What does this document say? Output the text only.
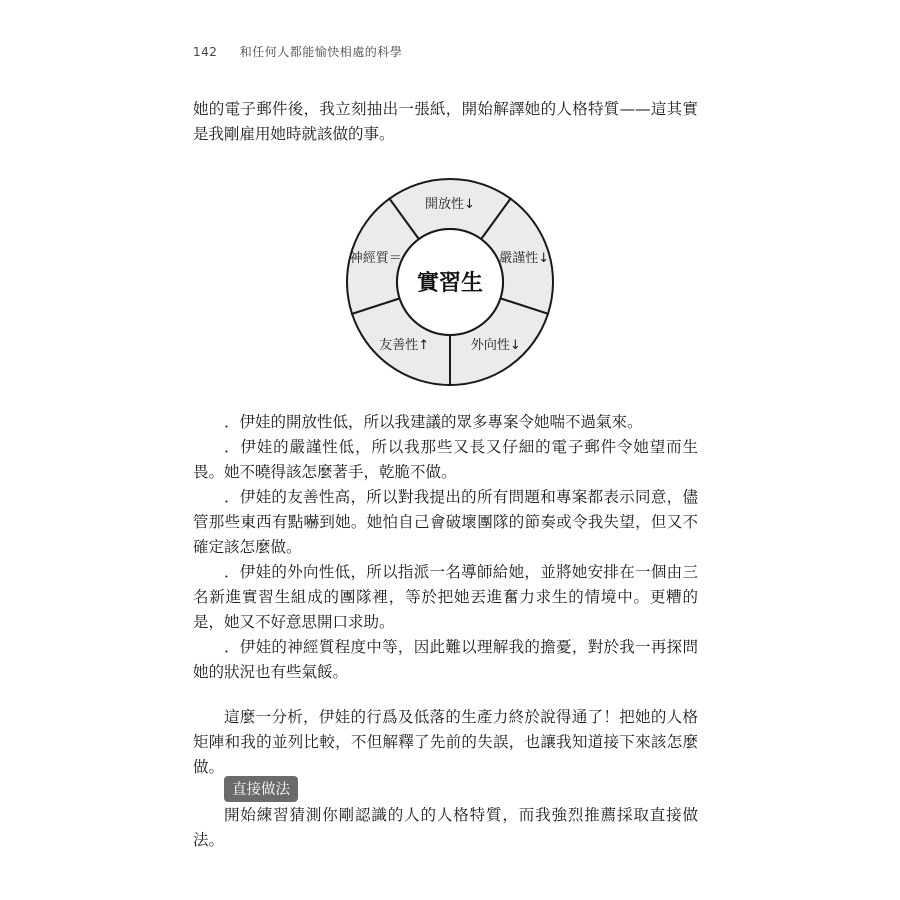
142 和任何人都能愉快相處的科學

她的電子郵件後，我立刻抽出一張紙，開始解譯她的人格特質——這其實是我剛雇用她時就該做的事。

實習生
開放性↓
嚴謹性↓
外向性↓
友善性↑
神經質＝

．伊娃的開放性低，所以我建議的眾多專案令她喘不過氣來。

．伊娃的嚴謹性低，所以我那些又長又仔細的電子郵件令她望而生畏。她不曉得該怎麼著手，乾脆不做。

．伊娃的友善性高，所以對我提出的所有問題和專案都表示同意，儘管那些東西有點嚇到她。她怕自己會破壞團隊的節奏或令我失望，但又不確定該怎麼做。

．伊娃的外向性低，所以指派一名導師給她，並將她安排在一個由三名新進實習生組成的團隊裡，等於把她丟進奮力求生的情境中。更糟的是，她又不好意思開口求助。

．伊娃的神經質程度中等，因此難以理解我的擔憂，對於我一再探問她的狀況也有些氣餒。

這麼一分析，伊娃的行爲及低落的生產力終於說得通了！把她的人格矩陣和我的並列比較，不但解釋了先前的失誤，也讓我知道接下來該怎麼做。

直接做法

開始練習猜測你剛認識的人的人格特質，而我強烈推薦採取直接做法。
